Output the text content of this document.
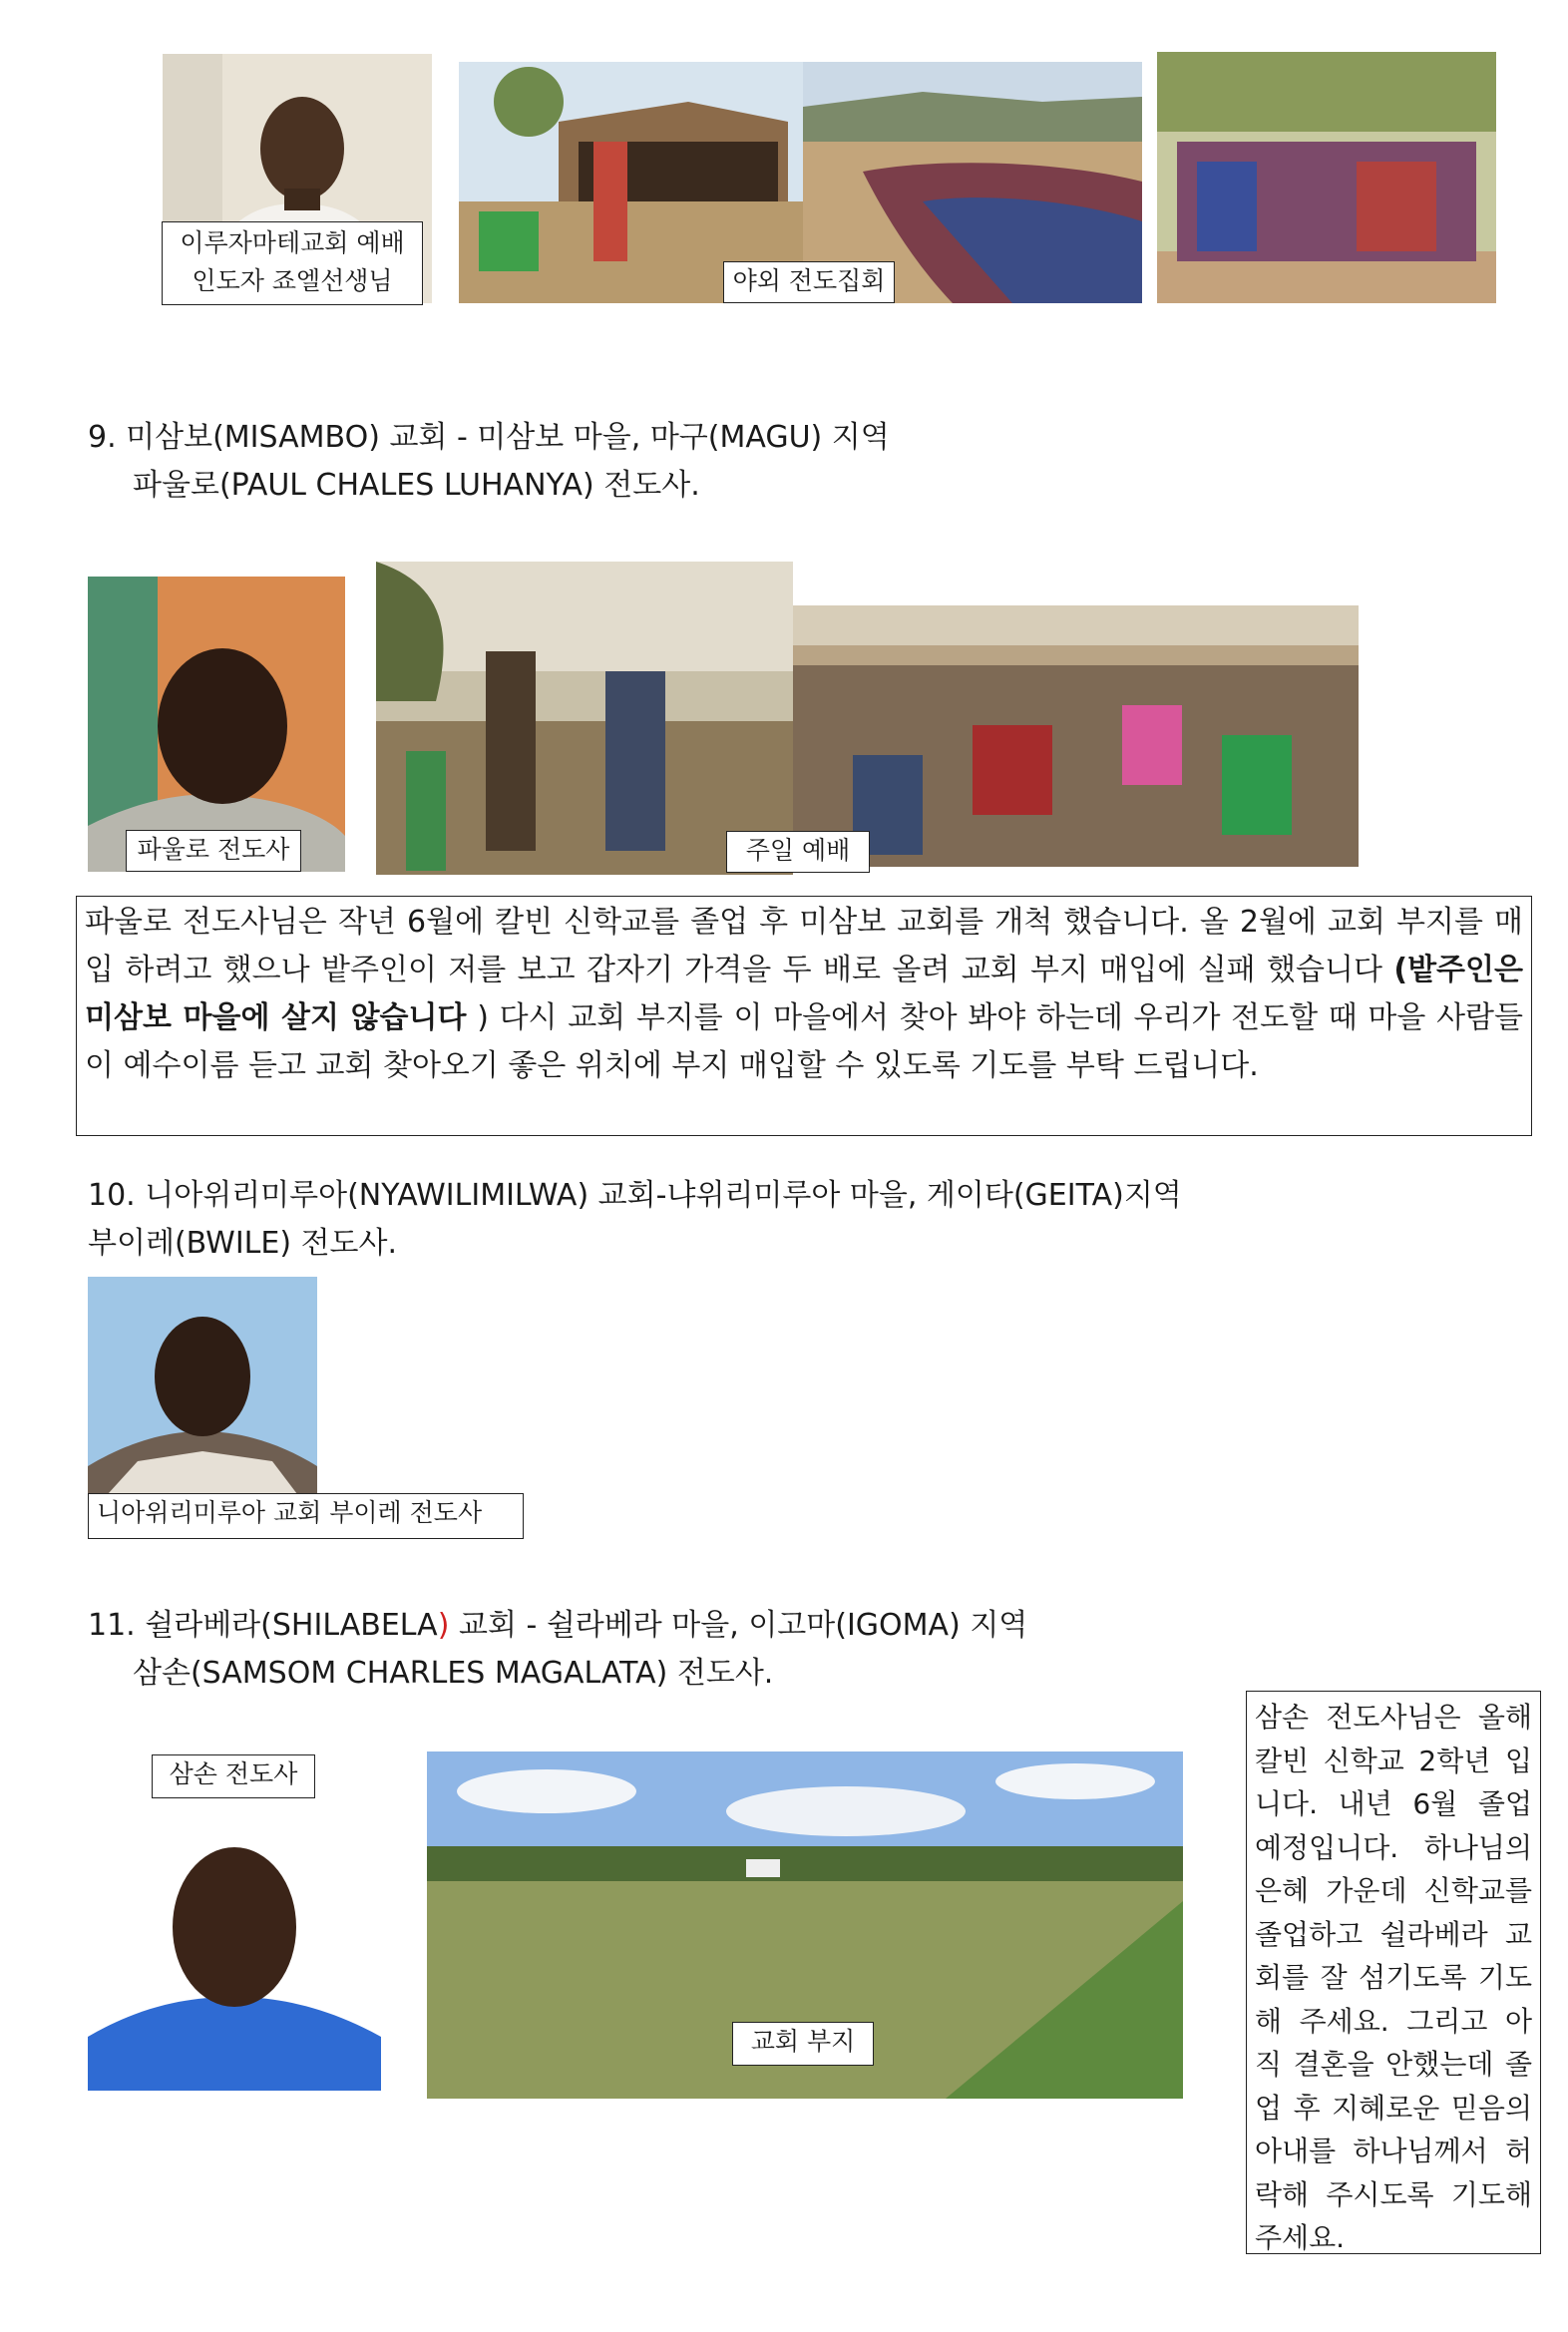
이루자마테교회 예배인도자 죠엘선생님	야외 전도집회
9. 미삼보(MISAMBO) 교회 - 미삼보 마을, 마구(MAGU) 지역
파울로(PAUL CHALES LUHANYA) 전도사.
파울로 전도사	주일 예배

파울로 전도사님은 작년 6월에 칼빈 신학교를 졸업 후 미삼보 교회를 개척 했습니다. 올 2월에 교회 부지를 매입 하려고 했으나 밭주인이 저를 보고 갑자기 가격을 두 배로 올려 교회 부지 매입에 실패 했습니다 (밭주인은 미삼보 마을에 살지 않습니다 ) 다시 교회 부지를 이 마을에서 찾아 봐야 하는데 우리가 전도할 때 마을 사람들이 예수이름 듣고 교회 찾아오기 좋은 위치에 부지 매입할 수 있도록 기도를 부탁 드립니다.

10. 니아위리미루아(NYAWILIMILWA) 교회-냐위리미루아 마을, 게이타(GEITA)지역
부이레(BWILE) 전도사.
니아위리미루아 교회 부이레 전도사
11. 쉴라베라(SHILABELA) 교회 - 쉴라베라 마을, 이고마(IGOMA) 지역
삼손(SAMSOM CHARLES MAGALATA) 전도사.
삼손 전도사
교회 부지

삼손 전도사님은 올해 칼빈 신학교 2학년 입니다. 내년 6월 졸업 예정입니다. 하나님의 은혜 가운데 신학교를 졸업하고 쉴라베라 교회를 잘 섬기도록 기도해 주세요. 그리고 아직 결혼을 안했는데 졸업 후 지혜로운 믿음의 아내를 하나님께서 허락해 주시도록 기도해 주세요.
